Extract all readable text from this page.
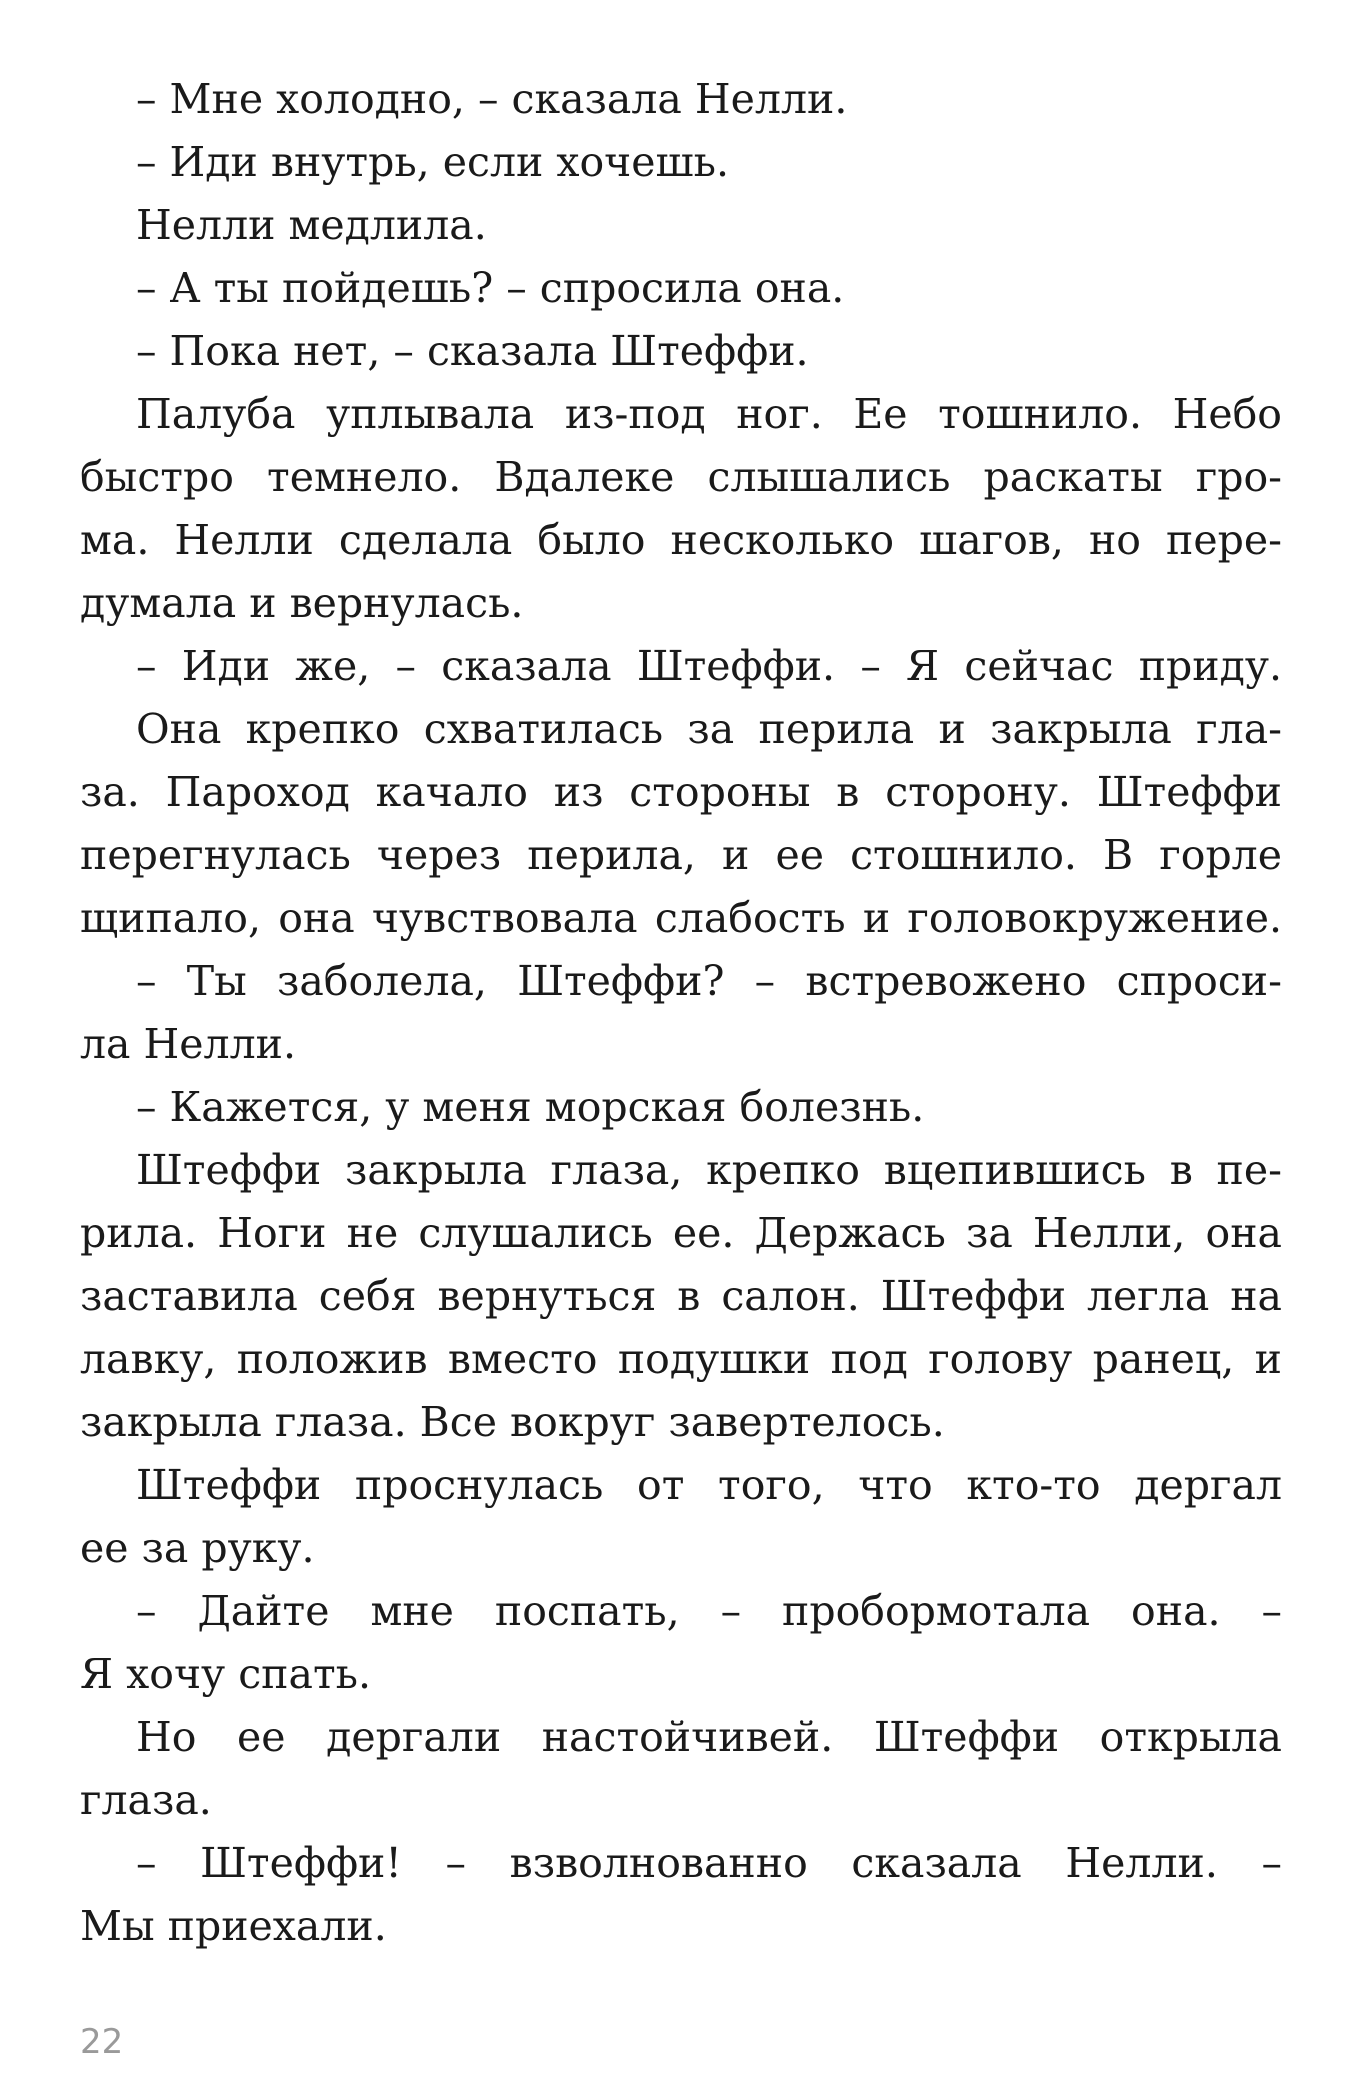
– Мне холодно, – сказала Нелли.
– Иди внутрь, если хочешь.
Нелли медлила.
– А ты пойдешь? – спросила она.
– Пока нет, – сказала Штеффи.
Палуба уплывала из-под ног. Ее тошнило. Небо
быстро темнело. Вдалеке слышались раскаты гро-
ма. Нелли сделала было несколько шагов, но пере-
думала и вернулась.
– Иди же, – сказала Штеффи. – Я сейчас приду.
Она крепко схватилась за перила и закрыла гла-
за. Пароход качало из стороны в сторону. Штеффи
перегнулась через перила, и ее стошнило. В горле
щипало, она чувствовала слабость и головокружение.
– Ты заболела, Штеффи? – встревожено спроси-
ла Нелли.
– Кажется, у меня морская болезнь.
Штеффи закрыла глаза, крепко вцепившись в пе-
рила. Ноги не слушались ее. Держась за Нелли, она
заставила себя вернуться в салон. Штеффи легла на
лавку, положив вместо подушки под голову ранец, и
закрыла глаза. Все вокруг завертелось.
Штеффи проснулась от того, что кто-то дергал
ее за руку.
– Дайте мне поспать, – пробормотала она. –
Я хочу спать.
Но ее дергали настойчивей. Штеффи открыла
глаза.
– Штеффи! – взволнованно сказала Нелли. –
Мы приехали.
22
